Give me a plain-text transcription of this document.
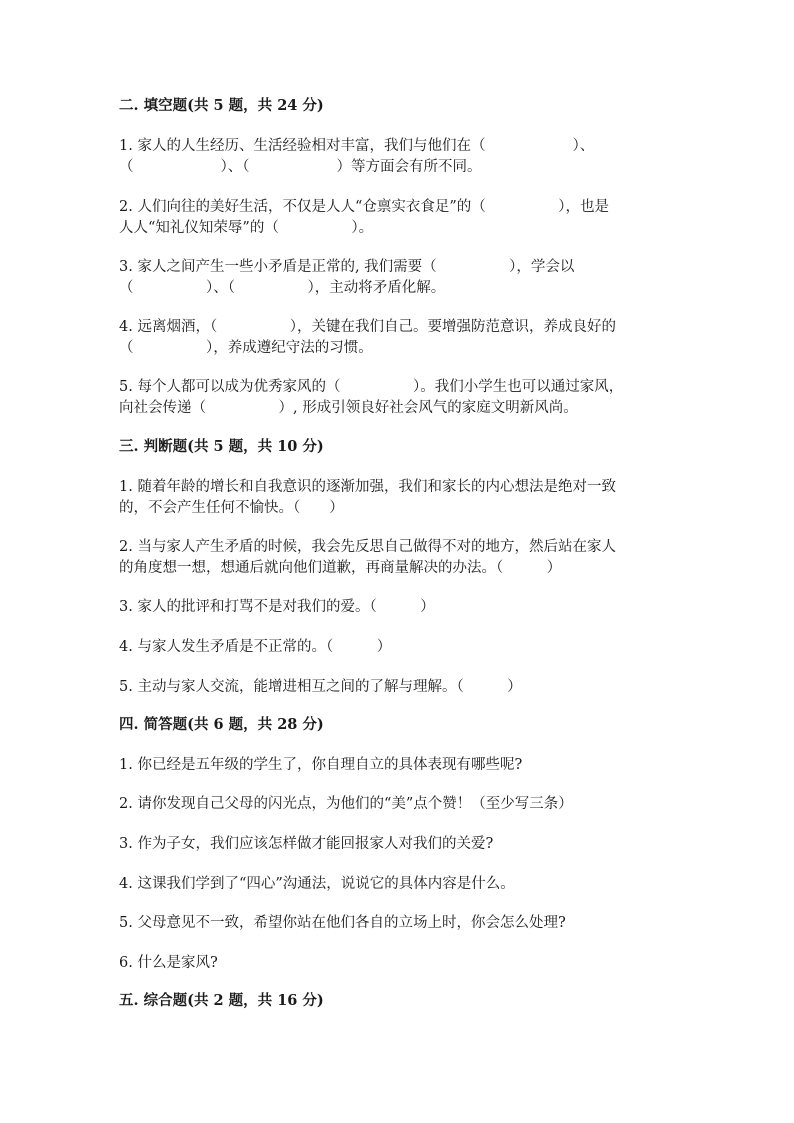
二. 填空题(共 5 题，共 24 分)
1. 家人的人生经历、生活经验相对丰富，我们与他们在（　　　　　　）、
（　　　　　　）、（　　　　　　）等方面会有所不同。
2. 人们向往的美好生活，不仅是人人“仓禀实衣食足”的（　　　　　），也是
人人“知礼仪知荣辱”的（　　　　　）。
3. 家人之间产生一些小矛盾是正常的, 我们需要（　　　　　），学会以
（　　　　　）、（　　　　　），主动将矛盾化解。
4. 远离烟酒，（　　　　　），关键在我们自己。要增强防范意识，养成良好的
（　　　　　），养成遵纪守法的习惯。
5. 每个人都可以成为优秀家风的（　　　　　）。我们小学生也可以通过家风，
向社会传递（　　　　　）, 形成引领良好社会风气的家庭文明新风尚。
三. 判断题(共 5 题，共 10 分)
1. 随着年龄的增长和自我意识的逐渐加强，我们和家长的内心想法是绝对一致
的，不会产生任何不愉快。（　　）
2. 当与家人产生矛盾的时候，我会先反思自己做得不对的地方，然后站在家人
的角度想一想，想通后就向他们道歉，再商量解决的办法。（　　　）
3. 家人的批评和打骂不是对我们的爱。（　　　）
4. 与家人发生矛盾是不正常的。（　　　）
5. 主动与家人交流，能增进相互之间的了解与理解。（　　　）
四. 简答题(共 6 题，共 28 分)
1. 你已经是五年级的学生了，你自理自立的具体表现有哪些呢?
2. 请你发现自己父母的闪光点，为他们的“美”点个赞！（至少写三条）
3. 作为子女，我们应该怎样做才能回报家人对我们的关爱?
4. 这课我们学到了“四心”沟通法，说说它的具体内容是什么。
5. 父母意见不一致，希望你站在他们各自的立场上时，你会怎么处理?
6. 什么是家风?
五. 综合题(共 2 题，共 16 分)
